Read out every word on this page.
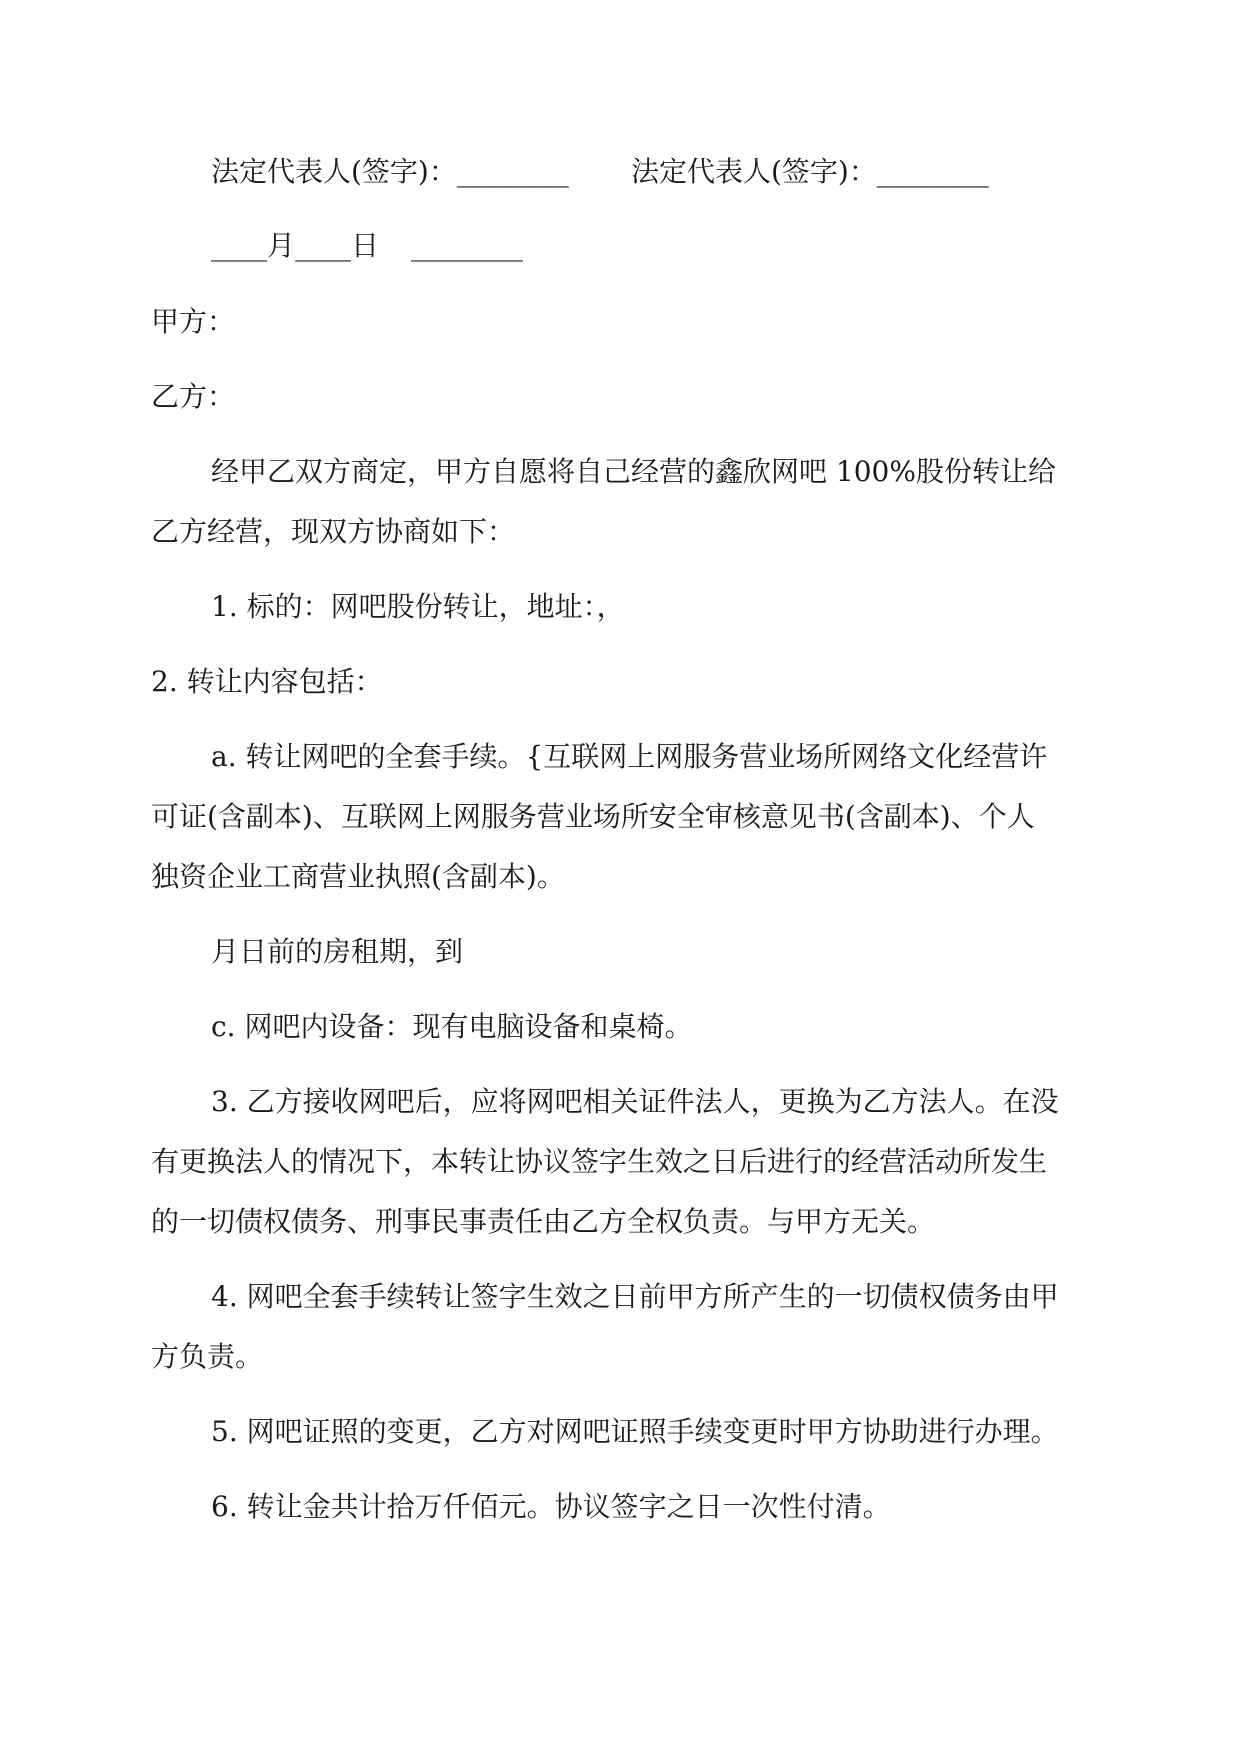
法定代表人(签字)：________ 法定代表人(签字)：________
____月____日 ________
甲方：
乙方：
经甲乙双方商定，甲方自愿将自己经营的鑫欣网吧 100%股份转让给
乙方经营，现双方协商如下：
1. 标的：网吧股份转让，地址：，
2. 转让内容包括：
a. 转让网吧的全套手续。{互联网上网服务营业场所网络文化经营许
可证(含副本)、互联网上网服务营业场所安全审核意见书(含副本)、个人
独资企业工商营业执照(含副本)。
月日前的房租期，到
c. 网吧内设备：现有电脑设备和桌椅。
3. 乙方接收网吧后，应将网吧相关证件法人，更换为乙方法人。在没
有更换法人的情况下，本转让协议签字生效之日后进行的经营活动所发生
的一切债权债务、刑事民事责任由乙方全权负责。与甲方无关。
4. 网吧全套手续转让签字生效之日前甲方所产生的一切债权债务由甲
方负责。
5. 网吧证照的变更，乙方对网吧证照手续变更时甲方协助进行办理。
6. 转让金共计拾万仟佰元。协议签字之日一次性付清。
